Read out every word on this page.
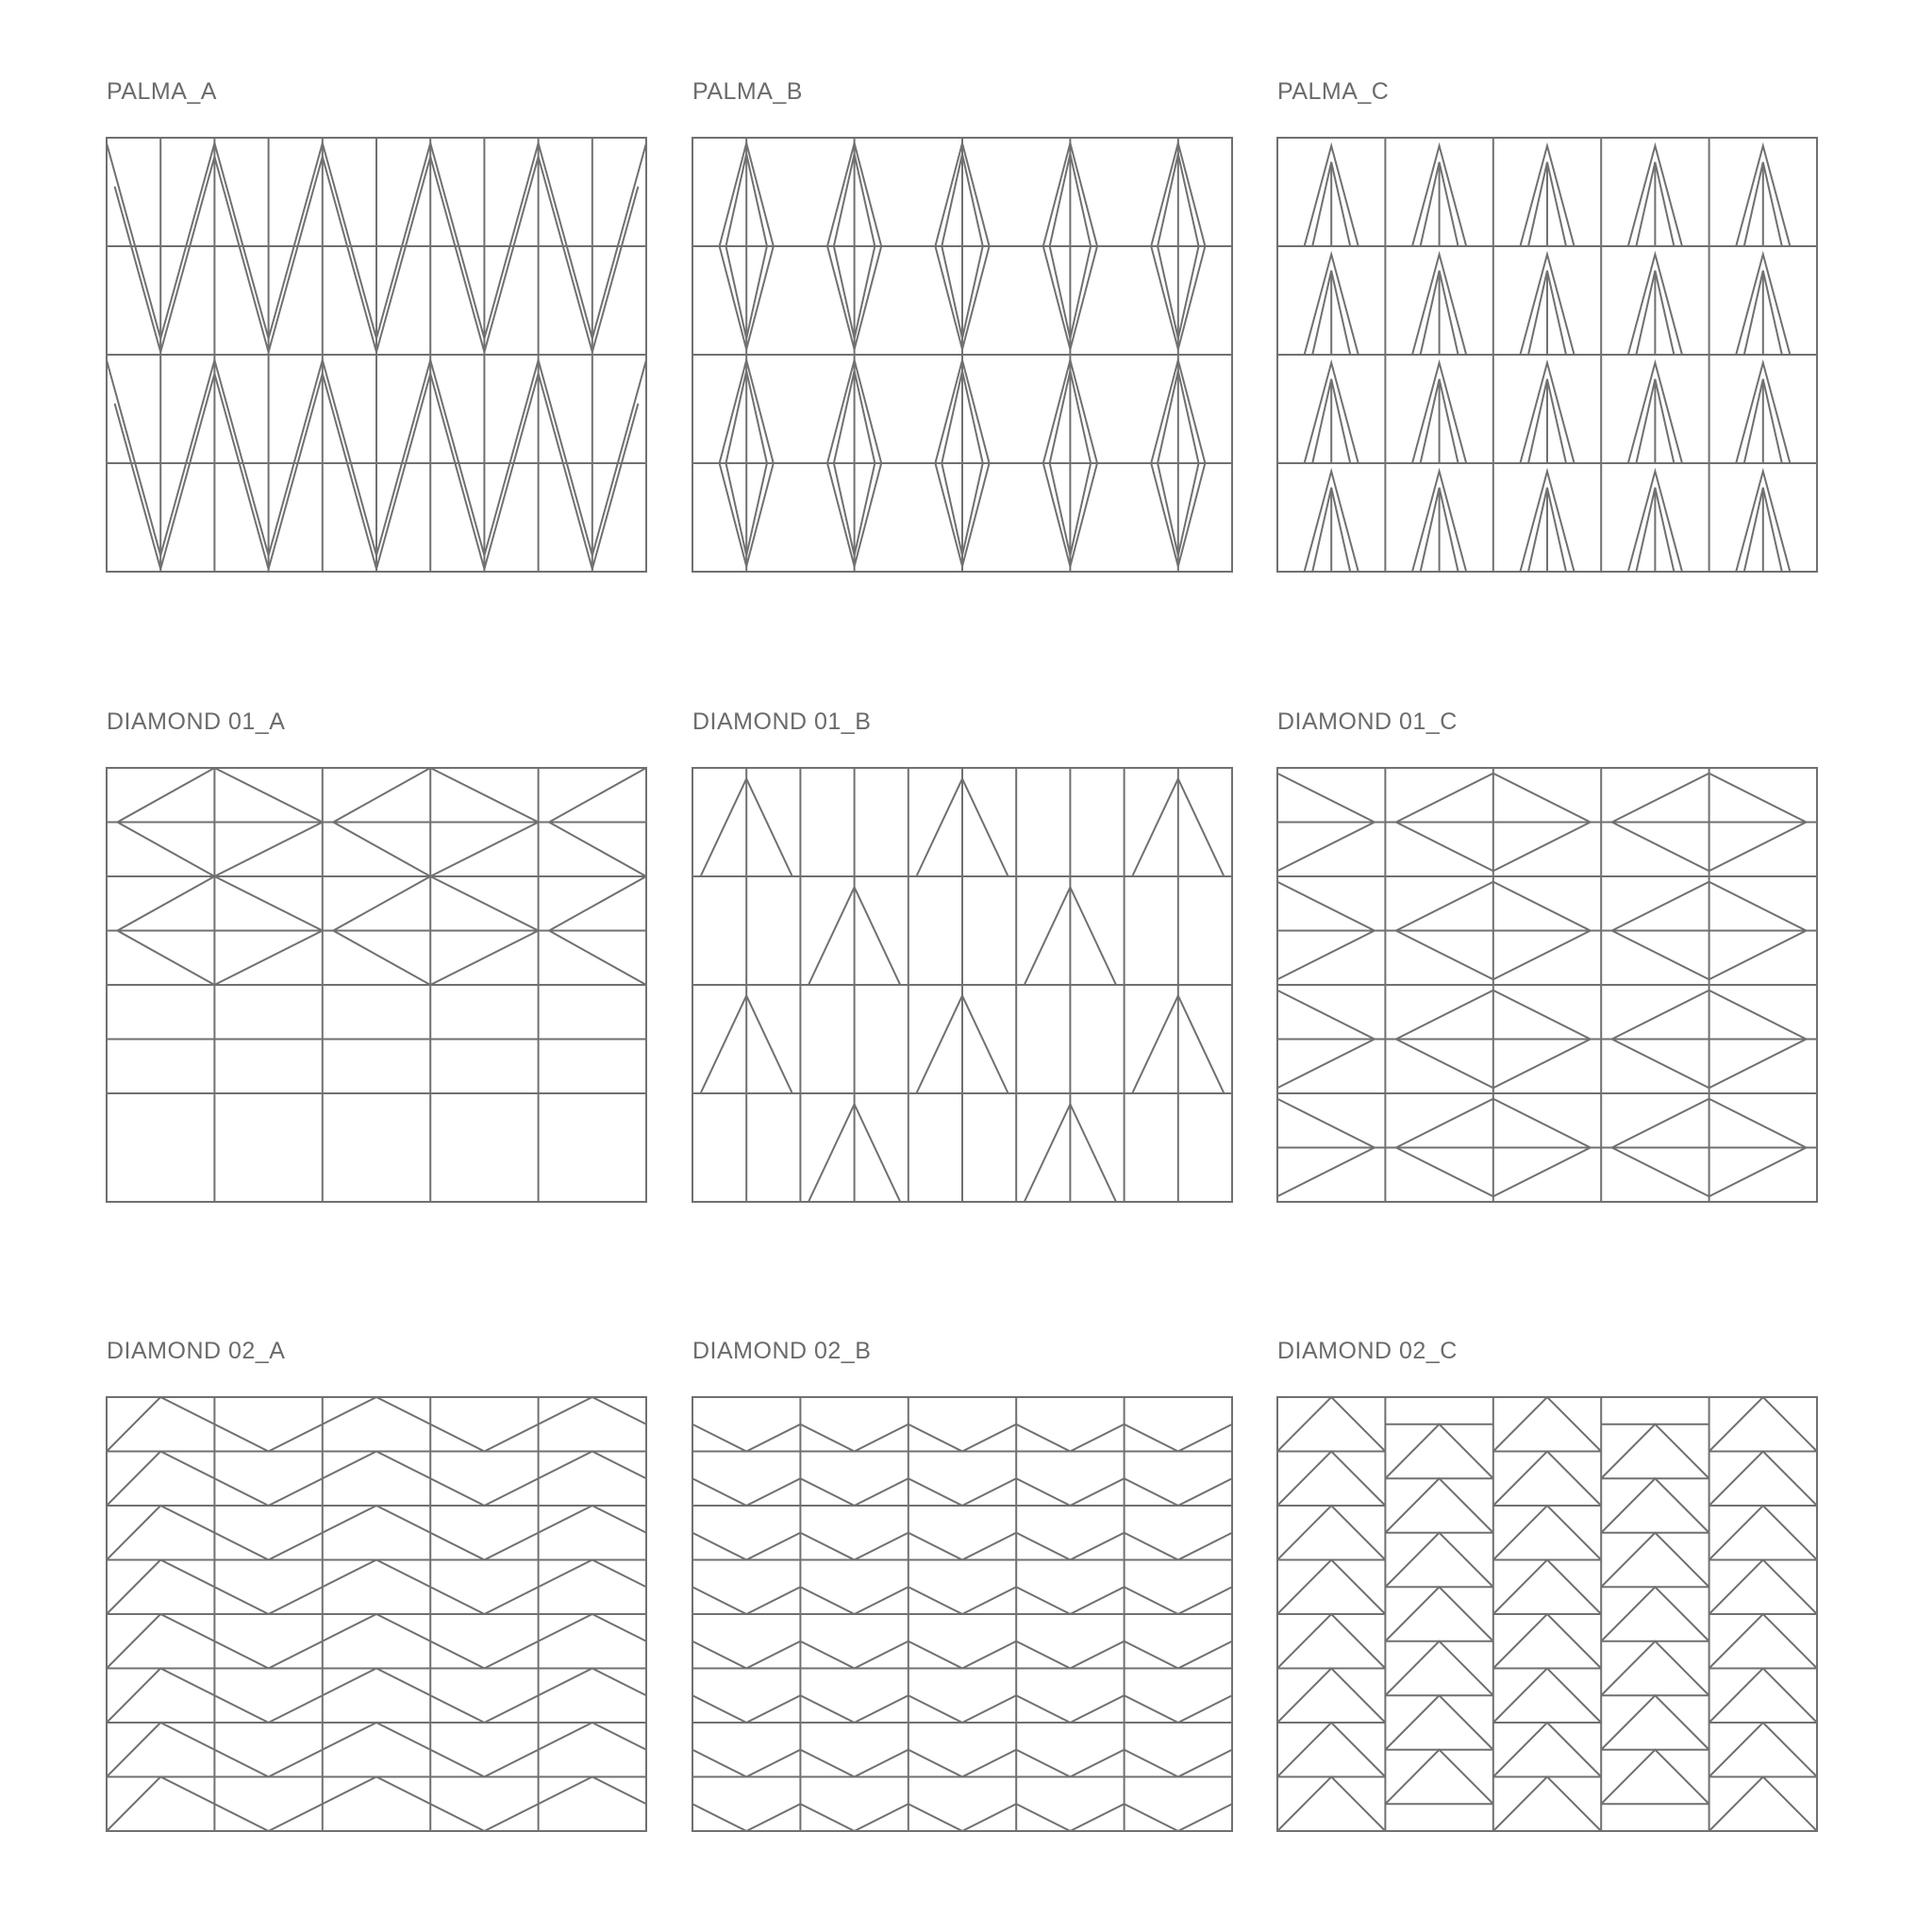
PALMA_A	PALMA_B	PALMA_C
DIAMOND 01_A	DIAMOND 01_B	DIAMOND 01_C
DIAMOND 02_A	DIAMOND 02_B	DIAMOND 02_C
